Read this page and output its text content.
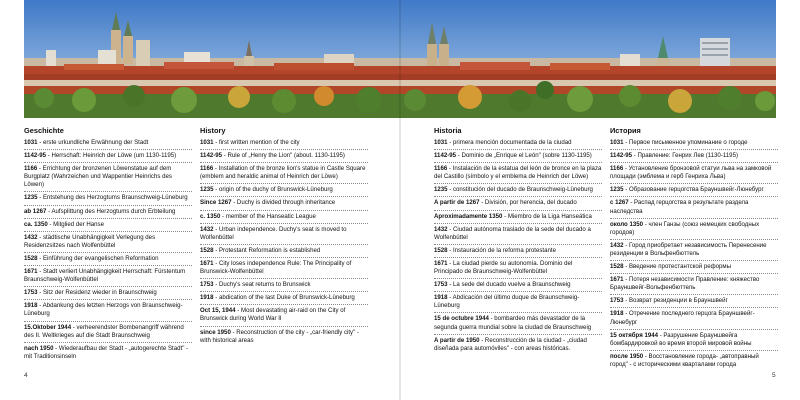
Geschichte
1031 - erste urkundliche Erwähnung der Stadt
1142-95 - Herrschaft: Heinrich der Löwe (um 1130-1195)
1166 - Errichtung der bronzenen Löwenstatue auf dem Burgplatz (Wahrzeichen und Wappentier Heinrichs des Löwen)
1235 - Entstehung des Herzogtums Braunschweig-Lüneburg
ab 1267 - Aufsplittung des Herzogtums durch Erbteilung
ca. 1350 - Mitglied der Hanse
1432 - städtische Unabhängigkeit Verlegung des Residenzsitzes nach Wolfenbüttel
1528 - Einführung der evangelischen Reformation
1671 - Stadt verliert Unabhängigkeit Herrschaft: Fürstentum Braunschweig-Wolfenbüttel
1753 - Sitz der Residenz wieder in Braunschweig
1918 - Abdankung des letzten Herzogs von Braunschweig-Lüneburg
15.Oktober 1944 - verheerendster Bombenangriff während des II. Weltkrieges auf die Stadt Braunschweig
nach 1950 - Wiederaufbau der Stadt - „autogerechte Stadt" - mit Traditionsinseln
History
1031 - first written mention of the city
1142-95 - Rule of „Henry the Lion" (about. 1130-1195)
1166 - Installation of the bronze lion's statue in Castle Square (emblem and heraldic animal of Heinrich der Löwe)
1235 - origin of the duchy of Brunswick-Lüneburg
Since 1267 - Duchy is divided through inheritance
c. 1350 - member of the Hanseatic League
1432 - Urban independence. Duchy's seat is moved to Wolfenbüttel
1528 - Protestant Reformation is established
1671 - City loses independence Rule: The Principality of Brunswick-Wolfenbüttel
1753 - Duchy's seat returns to Brunswick
1918 - abdication of the last Duke of Brunswick-Lüneburg
Oct 15, 1944 - Most devastating air-raid on the City of Brunswick during World War II
since 1950 - Reconstruction of the city - „car-friendly city" - with historical areas
Historia
1031 - primera mención documentada de la ciudad
1142-95 - Dominio de „Enrique el León" (sobre 1130-1195)
1166 - Instalación de la estatua del león de bronce en la plaza del Castillo (símbolo y el emblema de Heinrich der Löwe)
1235 - constitución del ducado de Braunschweig-Lüneburg
A partir de 1267 - División, por herencia, del ducado
Aproximadamente 1350 - Miembro de la Liga Hanseática
1432 - Ciudad autónoma traslado de la sede del ducado a Wolfenbüttel
1528 - Instauración de la reforma protestante
1671 - La ciudad pierde su autonomía. Dominio del Principado de Braunschweig-Wolfenbüttel
1753 - La sede del ducado vuelve a Braunschweig
1918 - Abdicación del último duque de Braunschweig-Lüneburg
15 de octubre 1944 - bombardeo más devastador de la segunda guerra mundial sobre la ciudad de Braunschweig
A partir de 1950 - Reconstrucción de la ciudad - „ciudad diseñada para automóviles" - con areas históricas.
История
1031 - Первое письменное упоминание о городе
1142-95 - Правление: Генрих Лев (1130-1195)
1166 - Установление бронзовой статуи льва на замковой площади (эмблема и герб Генриха Льва)
1235 - Образование герцогства Брауншвейг-Люнебург
с 1267 - Распад герцогства в результате раздела наследства
около 1350 - член Ганзы (союз немецких свободных городов)
1432 - Город приобретает независимость Перенесение резиденции в Вольфенбюттель
1528 - Введение протестантской реформы
1671 - Потеря независимости Правление: княжество Брауншвейг-Вольфенбюттель
1753 - Возврат резиденции в Брауншвейг
1918 - Отречение последнего герцога Брауншвейг-Люнебург
15 октября 1944 - Разрушение Брауншвейга бомбардировкой во время второй мировой войны
после 1950 - Восстановление города- „автоправный город" - с историческими кварталами города
4	5
